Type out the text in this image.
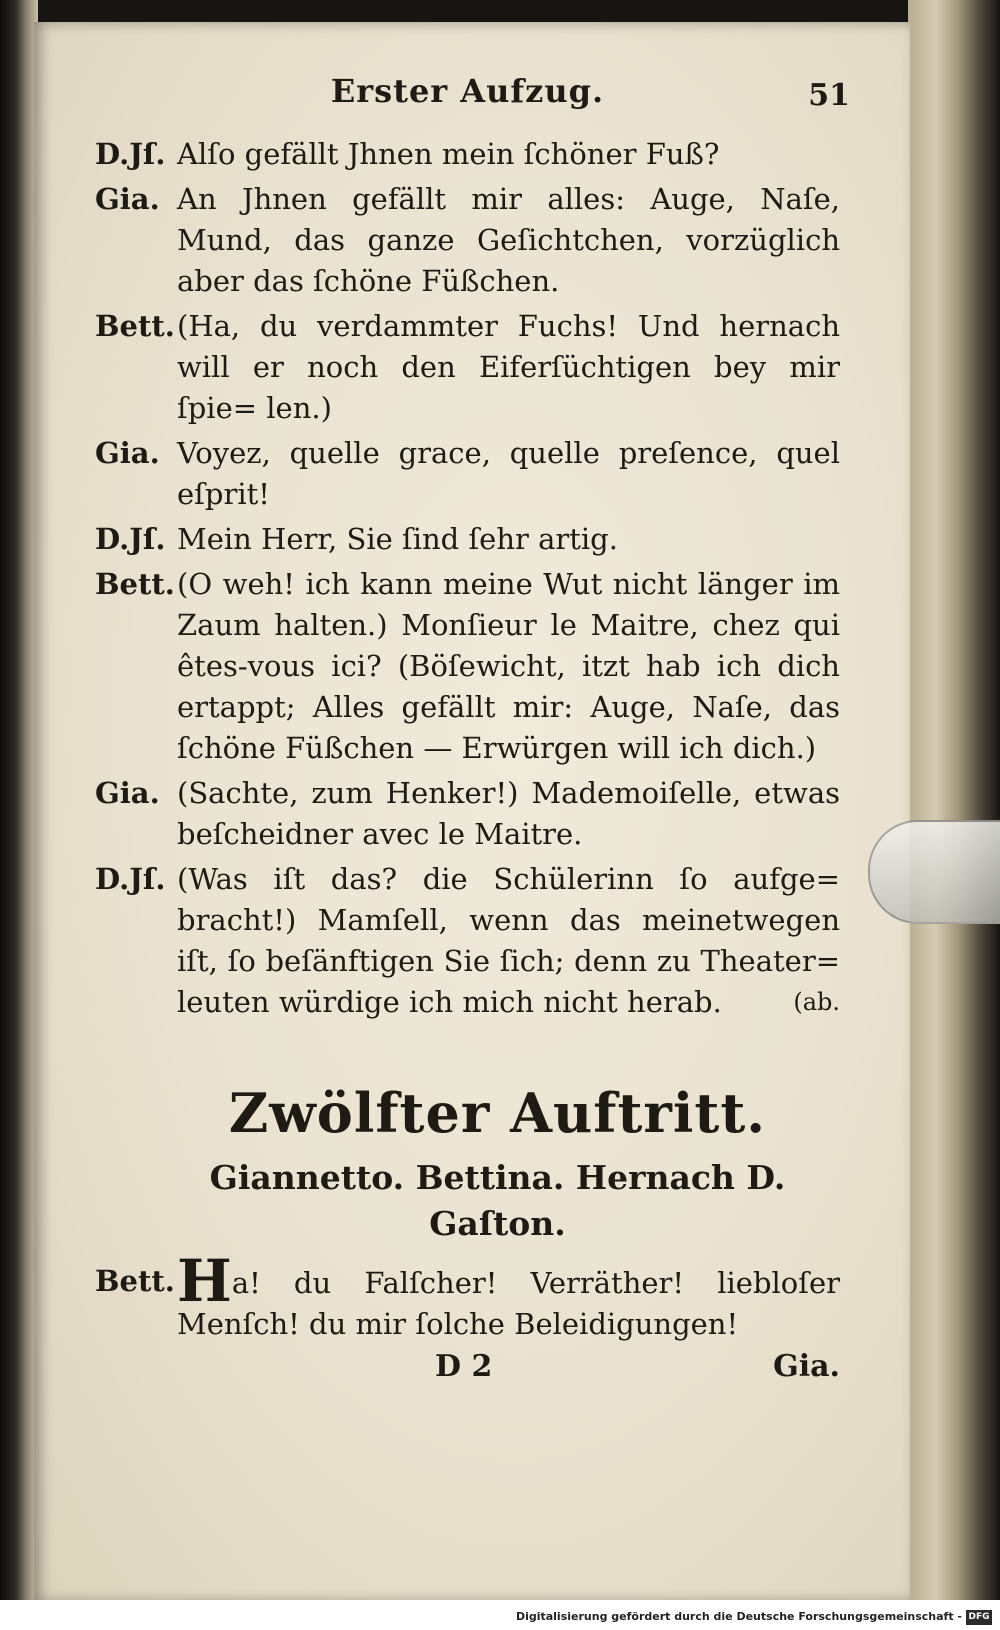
Erster Aufzug.	51
D.Jſ. Alſo gefällt Jhnen mein ſchöner Fuß?
Gia. An Jhnen gefällt mir alles: Auge, Naſe, Mund, das ganze Geſichtchen, vorzüglich aber das ſchöne Füßchen.
Bett. (Ha, du verdammter Fuchs! Und hernach will er noch den Eiferſüchtigen bey mir ſpie= len.)
Gia. Voyez, quelle grace, quelle preſence, quel eſprit!
D.Jſ. Mein Herr, Sie ſind ſehr artig.
Bett. (O weh! ich kann meine Wut nicht länger im Zaum halten.) Monſieur le Maitre, chez qui êtes-vous ici? (Böſewicht, itzt hab ich dich ertappt; Alles gefällt mir: Auge, Naſe, das ſchöne Füßchen — Erwürgen will ich dich.)
Gia. (Sachte, zum Henker!) Mademoiſelle, etwas beſcheidner avec le Maitre.
D.Jſ. (Was iſt das? die Schülerinn ſo aufge= bracht!) Mamſell, wenn das meinetwegen iſt, ſo beſänftigen Sie ſich; denn zu Theater= leuten würdige ich mich nicht herab.	(ab.
Zwölfter Auftritt.
Giannetto. Bettina. Hernach D. Gaſton.
Bett. Ha! du Falſcher! Verräther! liebloſer Menſch! du mir ſolche Beleidigungen!
D 2	Gia.
Digitalisierung gefördert durch die Deutsche Forschungsgemeinschaft - DFG
